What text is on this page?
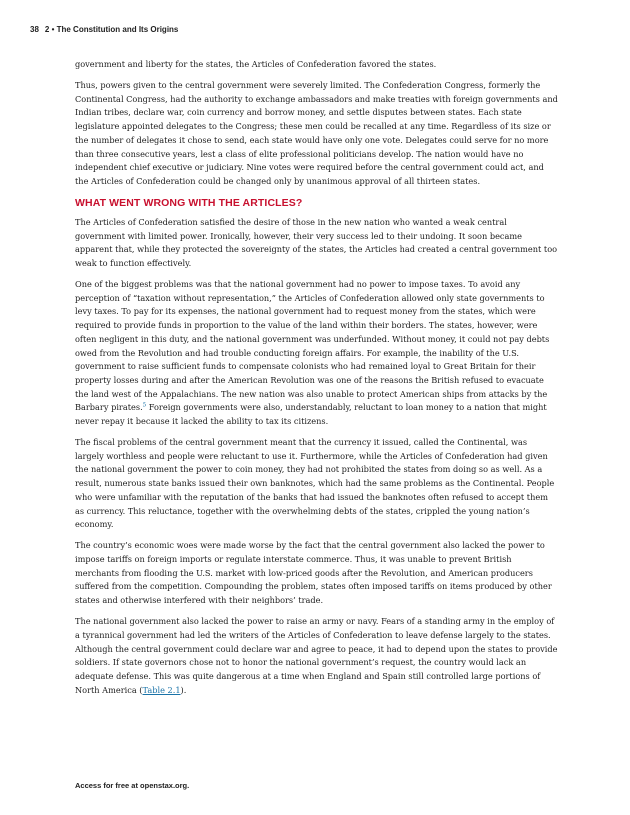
38 2 • The Constitution and Its Origins

government and liberty for the states, the Articles of Confederation favored the states.

Thus, powers given to the central government were severely limited. The Confederation Congress, formerly the Continental Congress, had the authority to exchange ambassadors and make treaties with foreign governments and Indian tribes, declare war, coin currency and borrow money, and settle disputes between states. Each state legislature appointed delegates to the Congress; these men could be recalled at any time. Regardless of its size or the number of delegates it chose to send, each state would have only one vote. Delegates could serve for no more than three consecutive years, lest a class of elite professional politicians develop. The nation would have no independent chief executive or judiciary. Nine votes were required before the central government could act, and the Articles of Confederation could be changed only by unanimous approval of all thirteen states.

WHAT WENT WRONG WITH THE ARTICLES?

The Articles of Confederation satisfied the desire of those in the new nation who wanted a weak central government with limited power. Ironically, however, their very success led to their undoing. It soon became apparent that, while they protected the sovereignty of the states, the Articles had created a central government too weak to function effectively.

One of the biggest problems was that the national government had no power to impose taxes. To avoid any perception of “taxation without representation,” the Articles of Confederation allowed only state governments to levy taxes. To pay for its expenses, the national government had to request money from the states, which were required to provide funds in proportion to the value of the land within their borders. The states, however, were often negligent in this duty, and the national government was underfunded. Without money, it could not pay debts owed from the Revolution and had trouble conducting foreign affairs. For example, the inability of the U.S. government to raise sufficient funds to compensate colonists who had remained loyal to Great Britain for their property losses during and after the American Revolution was one of the reasons the British refused to evacuate the land west of the Appalachians. The new nation was also unable to protect American ships from attacks by the Barbary pirates.$^5$ Foreign governments were also, understandably, reluctant to loan money to a nation that might never repay it because it lacked the ability to tax its citizens.

The fiscal problems of the central government meant that the currency it issued, called the Continental, was largely worthless and people were reluctant to use it. Furthermore, while the Articles of Confederation had given the national government the power to coin money, they had not prohibited the states from doing so as well. As a result, numerous state banks issued their own banknotes, which had the same problems as the Continental. People who were unfamiliar with the reputation of the banks that had issued the banknotes often refused to accept them as currency. This reluctance, together with the overwhelming debts of the states, crippled the young nation’s economy.

The country’s economic woes were made worse by the fact that the central government also lacked the power to impose tariffs on foreign imports or regulate interstate commerce. Thus, it was unable to prevent British merchants from flooding the U.S. market with low-priced goods after the Revolution, and American producers suffered from the competition. Compounding the problem, states often imposed tariffs on items produced by other states and otherwise interfered with their neighbors’ trade.

The national government also lacked the power to raise an army or navy. Fears of a standing army in the employ of a tyrannical government had led the writers of the Articles of Confederation to leave defense largely to the states. Although the central government could declare war and agree to peace, it had to depend upon the states to provide soldiers. If state governors chose not to honor the national government’s request, the country would lack an adequate defense. This was quite dangerous at a time when England and Spain still controlled large portions of North America (Table 2.1).

Access for free at openstax.org.
